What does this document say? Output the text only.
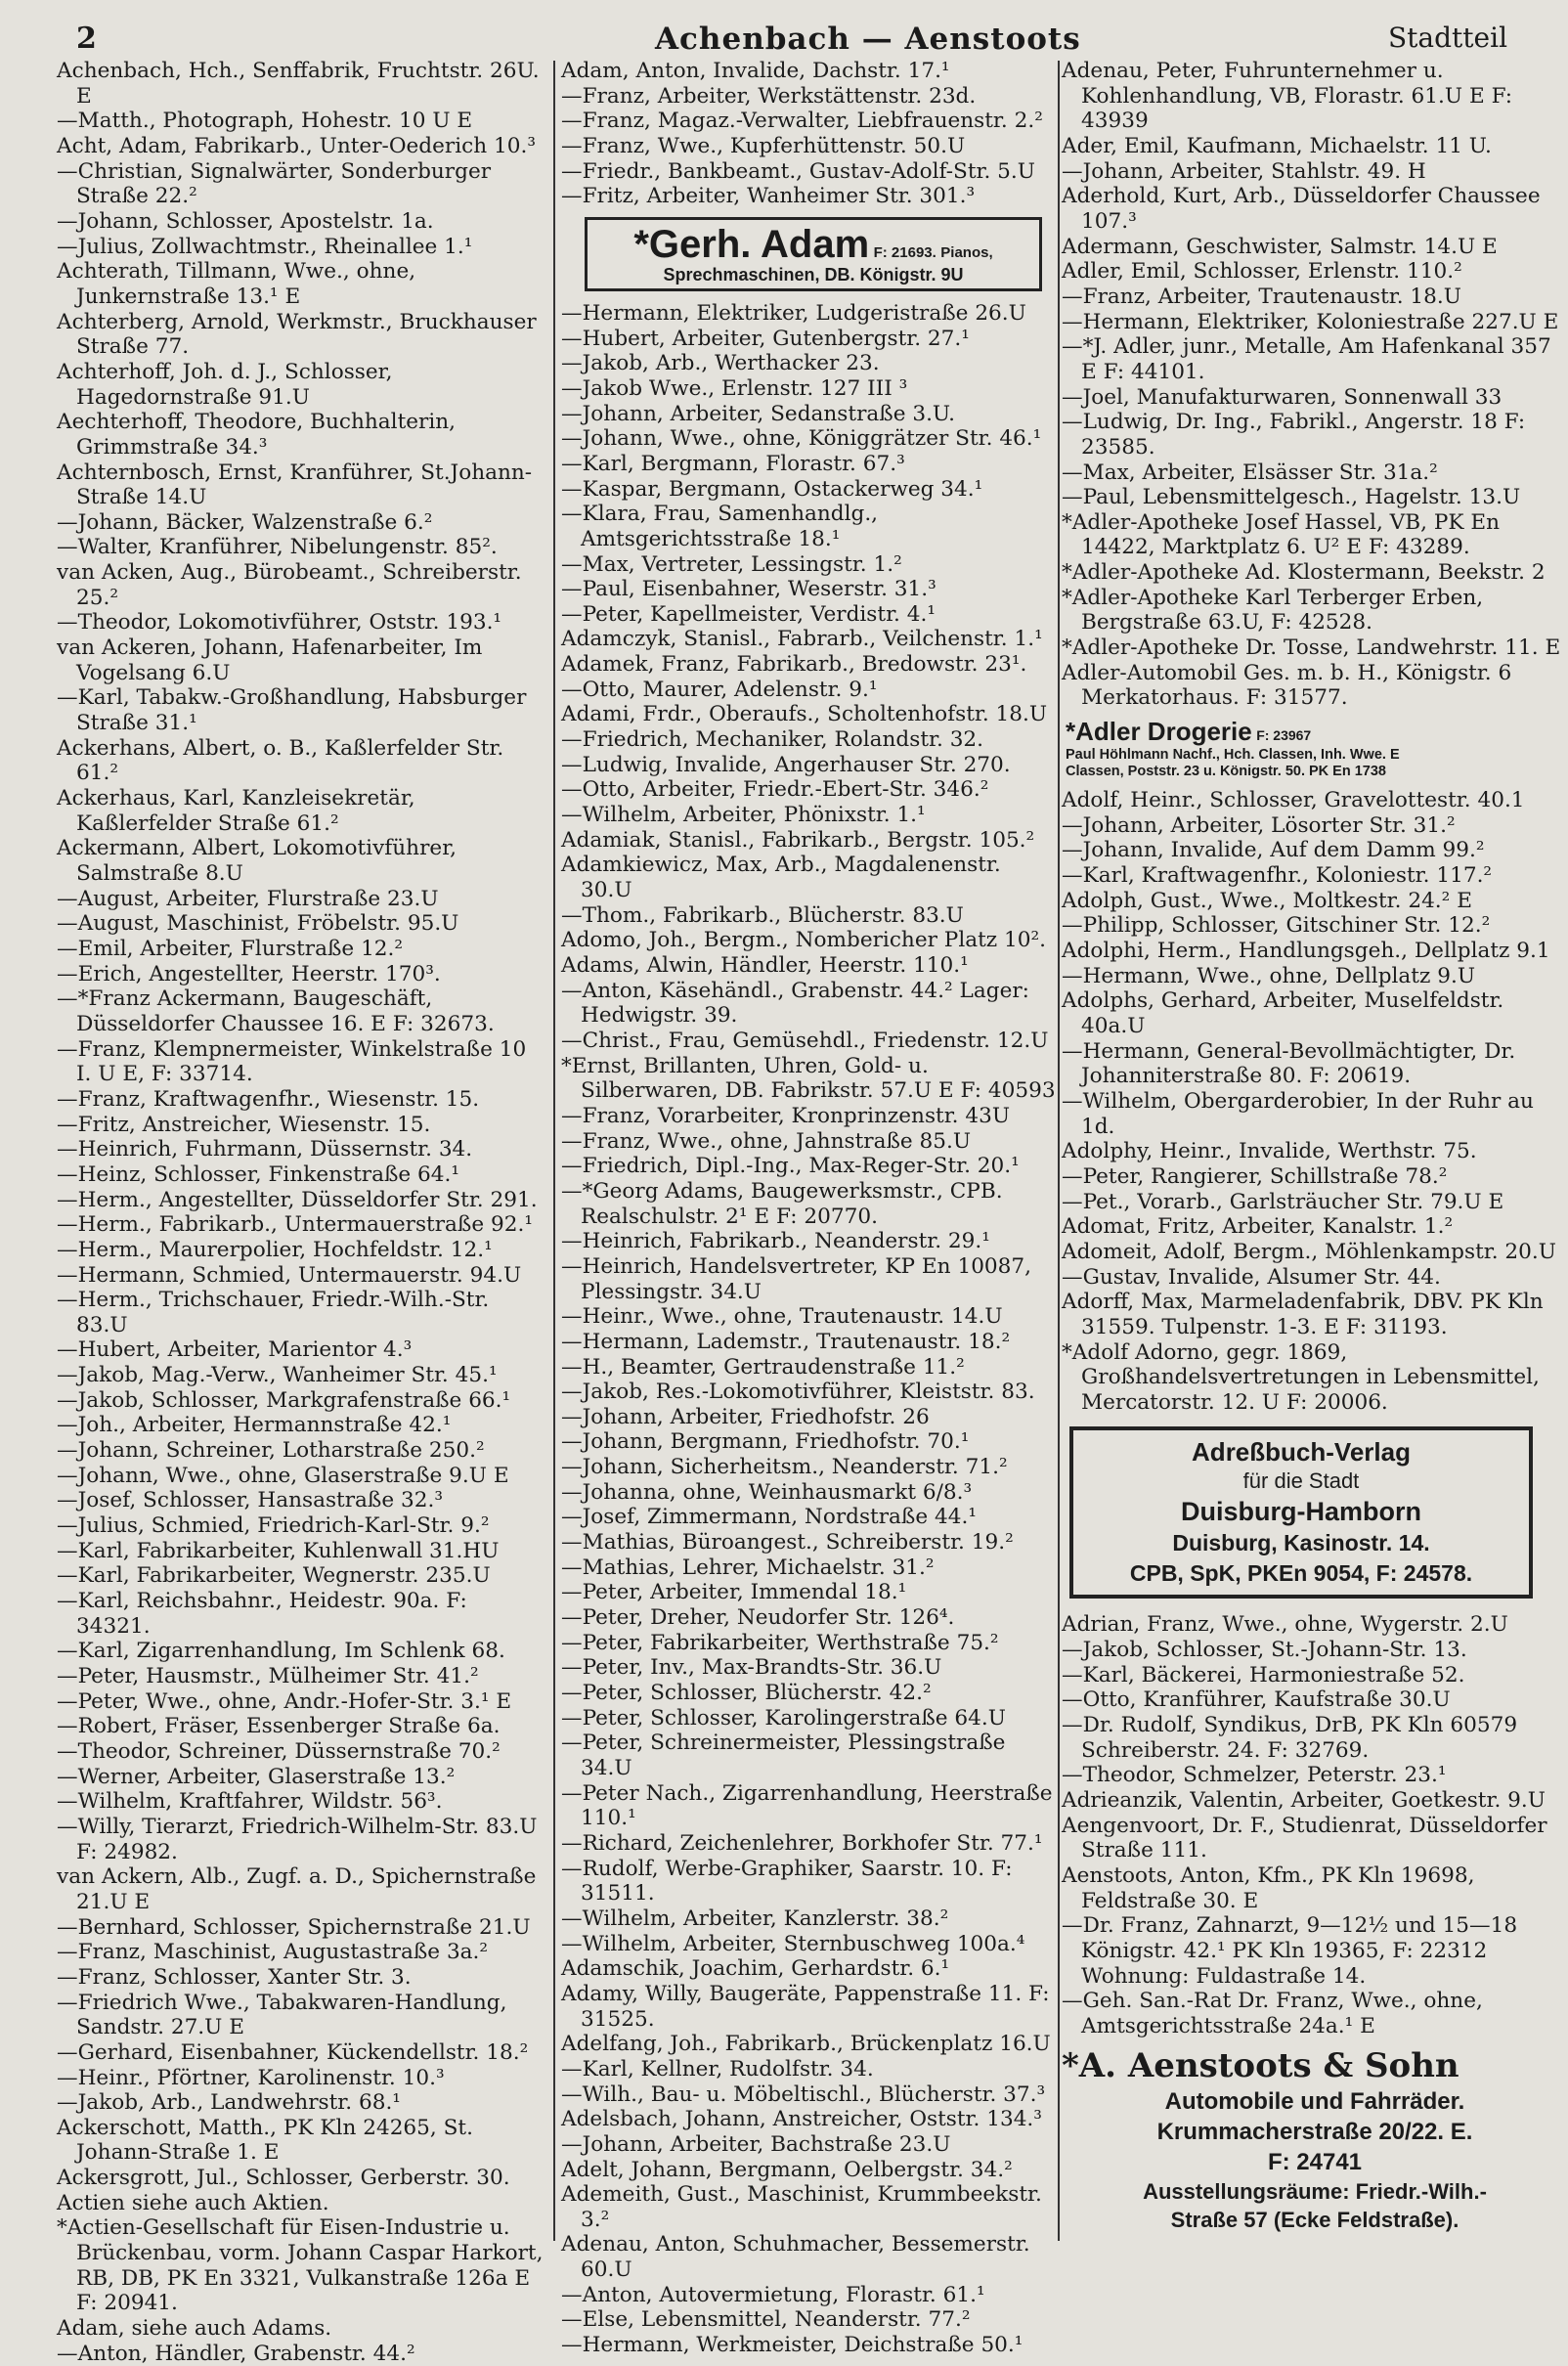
2	Achenbach — Aenstoots	Stadtteil
Achenbach, Hch., Senffabrik, Fruchtstr. 26U. E
—Matth., Photograph, Hohestr. 10 U E
Acht, Adam, Fabrikarb., Unter-Oederich 10.³
—Christian, Signalwärter, Sonderburger Straße 22.²
—Johann, Schlosser, Apostelstr. 1a.
—Julius, Zollwachtmstr., Rheinallee 1.¹
Achterath, Tillmann, Wwe., ohne, Junkernstraße 13.¹ E
Achterberg, Arnold, Werkmstr., Bruckhauser Straße 77.
Achterhoff, Joh. d. J., Schlosser, Hagedornstraße 91.U
Aechterhoff, Theodore, Buchhalterin, Grimmstraße 34.³
Achternbosch, Ernst, Kranführer, St.Johann-Straße 14.U
—Johann, Bäcker, Walzenstraße 6.²
—Walter, Kranführer, Nibelungenstr. 85².
van Acken, Aug., Bürobeamt., Schreiberstr. 25.²
—Theodor, Lokomotivführer, Oststr. 193.¹
van Ackeren, Johann, Hafenarbeiter, Im Vogelsang 6.U
—Karl, Tabakw.-Großhandlung, Habsburger Straße 31.¹
Ackerhans, Albert, o. B., Kaßlerfelder Str. 61.²
Ackerhaus, Karl, Kanzleisekretär, Kaßlerfelder Straße 61.²
Ackermann, Albert, Lokomotivführer, Salmstraße 8.U
—August, Arbeiter, Flurstraße 23.U
—August, Maschinist, Fröbelstr. 95.U
—Emil, Arbeiter, Flurstraße 12.²
—Erich, Angestellter, Heerstr. 170³.
—*Franz Ackermann, Baugeschäft, Düsseldorfer Chaussee 16. E F: 32673.
—Franz, Klempnermeister, Winkelstraße 10 I. U E, F: 33714.
—Franz, Kraftwagenfhr., Wiesenstr. 15.
—Fritz, Anstreicher, Wiesenstr. 15.
—Heinrich, Fuhrmann, Düssernstr. 34.
—Heinz, Schlosser, Finkenstraße 64.¹
—Herm., Angestellter, Düsseldorfer Str. 291.
—Herm., Fabrikarb., Untermauerstraße 92.¹
—Herm., Maurerpolier, Hochfeldstr. 12.¹
—Hermann, Schmied, Untermauerstr. 94.U
—Herm., Trichschauer, Friedr.-Wilh.-Str. 83.U
—Hubert, Arbeiter, Marientor 4.³
—Jakob, Mag.-Verw., Wanheimer Str. 45.¹
—Jakob, Schlosser, Markgrafenstraße 66.¹
—Joh., Arbeiter, Hermannstraße 42.¹
—Johann, Schreiner, Lotharstraße 250.²
—Johann, Wwe., ohne, Glaserstraße 9.U E
—Josef, Schlosser, Hansastraße 32.³
—Julius, Schmied, Friedrich-Karl-Str. 9.²
—Karl, Fabrikarbeiter, Kuhlenwall 31.HU
—Karl, Fabrikarbeiter, Wegnerstr. 235.U
—Karl, Reichsbahnr., Heidestr. 90a. F: 34321.
—Karl, Zigarrenhandlung, Im Schlenk 68.
—Peter, Hausmstr., Mülheimer Str. 41.²
—Peter, Wwe., ohne, Andr.-Hofer-Str. 3.¹ E
—Robert, Fräser, Essenberger Straße 6a.
—Theodor, Schreiner, Düssernstraße 70.²
—Werner, Arbeiter, Glaserstraße 13.²
—Wilhelm, Kraftfahrer, Wildstr. 56³.
—Willy, Tierarzt, Friedrich-Wilhelm-Str. 83.U F: 24982.
van Ackern, Alb., Zugf. a. D., Spichernstraße 21.U E
—Bernhard, Schlosser, Spichernstraße 21.U
—Franz, Maschinist, Augustastraße 3a.²
—Franz, Schlosser, Xanter Str. 3.
—Friedrich Wwe., Tabakwaren-Handlung, Sandstr. 27.U E
—Gerhard, Eisenbahner, Kückendellstr. 18.²
—Heinr., Pförtner, Karolinenstr. 10.³
—Jakob, Arb., Landwehrstr. 68.¹
Ackerschott, Matth., PK Kln 24265, St. Johann-Straße 1. E
Ackersgrott, Jul., Schlosser, Gerberstr. 30.
Actien siehe auch Aktien.
*Actien-Gesellschaft für Eisen-Industrie u. Brückenbau, vorm. Johann Caspar Harkort, RB, DB, PK En 3321, Vulkanstraße 126a E F: 20941.
Adam, siehe auch Adams.
—Anton, Händler, Grabenstr. 44.²
Adam, Anton, Invalide, Dachstr. 17.¹
—Franz, Arbeiter, Werkstättenstr. 23d.
—Franz, Magaz.-Verwalter, Liebfrauenstr. 2.²
—Franz, Wwe., Kupferhüttenstr. 50.U
—Friedr., Bankbeamt., Gustav-Adolf-Str. 5.U
—Fritz, Arbeiter, Wanheimer Str. 301.³
*Gerh. Adam F: 21693. Pianos,
Sprechmaschinen, DB. Königstr. 9U
—Hermann, Elektriker, Ludgeristraße 26.U
—Hubert, Arbeiter, Gutenbergstr. 27.¹
—Jakob, Arb., Werthacker 23.
—Jakob Wwe., Erlenstr. 127 III ³
—Johann, Arbeiter, Sedanstraße 3.U.
—Johann, Wwe., ohne, Königgrätzer Str. 46.¹
—Karl, Bergmann, Florastr. 67.³
—Kaspar, Bergmann, Ostackerweg 34.¹
—Klara, Frau, Samenhandlg., Amtsgerichtsstraße 18.¹
—Max, Vertreter, Lessingstr. 1.²
—Paul, Eisenbahner, Weserstr. 31.³
—Peter, Kapellmeister, Verdistr. 4.¹
Adamczyk, Stanisl., Fabrarb., Veilchenstr. 1.¹
Adamek, Franz, Fabrikarb., Bredowstr. 23¹.
—Otto, Maurer, Adelenstr. 9.¹
Adami, Frdr., Oberaufs., Scholtenhofstr. 18.U
—Friedrich, Mechaniker, Rolandstr. 32.
—Ludwig, Invalide, Angerhauser Str. 270.
—Otto, Arbeiter, Friedr.-Ebert-Str. 346.²
—Wilhelm, Arbeiter, Phönixstr. 1.¹
Adamiak, Stanisl., Fabrikarb., Bergstr. 105.²
Adamkiewicz, Max, Arb., Magdalenenstr. 30.U
—Thom., Fabrikarb., Blücherstr. 83.U
Adomo, Joh., Bergm., Nombericher Platz 10².
Adams, Alwin, Händler, Heerstr. 110.¹
—Anton, Käsehändl., Grabenstr. 44.² Lager: Hedwigstr. 39.
—Christ., Frau, Gemüsehdl., Friedenstr. 12.U
*Ernst, Brillanten, Uhren, Gold- u. Silberwaren, DB. Fabrikstr. 57.U E F: 40593
—Franz, Vorarbeiter, Kronprinzenstr. 43U
—Franz, Wwe., ohne, Jahnstraße 85.U
—Friedrich, Dipl.-Ing., Max-Reger-Str. 20.¹
—*Georg Adams, Baugewerksmstr., CPB. Realschulstr. 2¹ E F: 20770.
—Heinrich, Fabrikarb., Neanderstr. 29.¹
—Heinrich, Handelsvertreter, KP En 10087, Plessingstr. 34.U
—Heinr., Wwe., ohne, Trautenaustr. 14.U
—Hermann, Lademstr., Trautenaustr. 18.²
—H., Beamter, Gertraudenstraße 11.²
—Jakob, Res.-Lokomotivführer, Kleiststr. 83.
—Johann, Arbeiter, Friedhofstr. 26
—Johann, Bergmann, Friedhofstr. 70.¹
—Johann, Sicherheitsm., Neanderstr. 71.²
—Johanna, ohne, Weinhausmarkt 6/8.³
—Josef, Zimmermann, Nordstraße 44.¹
—Mathias, Büroangest., Schreiberstr. 19.²
—Mathias, Lehrer, Michaelstr. 31.²
—Peter, Arbeiter, Immendal 18.¹
—Peter, Dreher, Neudorfer Str. 126⁴.
—Peter, Fabrikarbeiter, Werthstraße 75.²
—Peter, Inv., Max-Brandts-Str. 36.U
—Peter, Schlosser, Blücherstr. 42.²
—Peter, Schlosser, Karolingerstraße 64.U
—Peter, Schreinermeister, Plessingstraße 34.U
—Peter Nach., Zigarrenhandlung, Heerstraße 110.¹
—Richard, Zeichenlehrer, Borkhofer Str. 77.¹
—Rudolf, Werbe-Graphiker, Saarstr. 10. F: 31511.
—Wilhelm, Arbeiter, Kanzlerstr. 38.²
—Wilhelm, Arbeiter, Sternbuschweg 100a.⁴
Adamschik, Joachim, Gerhardstr. 6.¹
Adamy, Willy, Baugeräte, Pappenstraße 11. F: 31525.
Adelfang, Joh., Fabrikarb., Brückenplatz 16.U
—Karl, Kellner, Rudolfstr. 34.
—Wilh., Bau- u. Möbeltischl., Blücherstr. 37.³
Adelsbach, Johann, Anstreicher, Oststr. 134.³
—Johann, Arbeiter, Bachstraße 23.U
Adelt, Johann, Bergmann, Oelbergstr. 34.²
Ademeith, Gust., Maschinist, Krummbeekstr. 3.²
Adenau, Anton, Schuhmacher, Bessemerstr. 60.U
—Anton, Autovermietung, Florastr. 61.¹
—Else, Lebensmittel, Neanderstr. 77.²
—Hermann, Werkmeister, Deichstraße 50.¹
Adenau, Peter, Fuhrunternehmer u. Kohlenhandlung, VB, Florastr. 61.U E F: 43939
Ader, Emil, Kaufmann, Michaelstr. 11 U.
—Johann, Arbeiter, Stahlstr. 49. H
Aderhold, Kurt, Arb., Düsseldorfer Chaussee 107.³
Adermann, Geschwister, Salmstr. 14.U E
Adler, Emil, Schlosser, Erlenstr. 110.²
—Franz, Arbeiter, Trautenaustr. 18.U
—Hermann, Elektriker, Koloniestraße 227.U E
—*J. Adler, junr., Metalle, Am Hafenkanal 357 E F: 44101.
—Joel, Manufakturwaren, Sonnenwall 33
—Ludwig, Dr. Ing., Fabrikl., Angerstr. 18 F: 23585.
—Max, Arbeiter, Elsässer Str. 31a.²
—Paul, Lebensmittelgesch., Hagelstr. 13.U
*Adler-Apotheke Josef Hassel, VB, PK En 14422, Marktplatz 6. U² E F: 43289.
*Adler-Apotheke Ad. Klostermann, Beekstr. 2
*Adler-Apotheke Karl Terberger Erben, Bergstraße 63.U, F: 42528.
*Adler-Apotheke Dr. Tosse, Landwehrstr. 11. E
Adler-Automobil Ges. m. b. H., Königstr. 6 Merkatorhaus. F: 31577.
*Adler Drogerie F: 23967
Paul Höhlmann Nachf., Hch. Classen, Inh. Wwe. E
Classen, Poststr. 23 u. Königstr. 50. PK En 1738
Adolf, Heinr., Schlosser, Gravelottestr. 40.1
—Johann, Arbeiter, Lösorter Str. 31.²
—Johann, Invalide, Auf dem Damm 99.²
—Karl, Kraftwagenfhr., Koloniestr. 117.²
Adolph, Gust., Wwe., Moltkestr. 24.² E
—Philipp, Schlosser, Gitschiner Str. 12.²
Adolphi, Herm., Handlungsgeh., Dellplatz 9.1
—Hermann, Wwe., ohne, Dellplatz 9.U
Adolphs, Gerhard, Arbeiter, Muselfeldstr. 40a.U
—Hermann, General-Bevollmächtigter, Dr. Johanniterstraße 80. F: 20619.
—Wilhelm, Obergarderobier, In der Ruhr au 1d.
Adolphy, Heinr., Invalide, Werthstr. 75.
—Peter, Rangierer, Schillstraße 78.²
—Pet., Vorarb., Garlsträucher Str. 79.U E
Adomat, Fritz, Arbeiter, Kanalstr. 1.²
Adomeit, Adolf, Bergm., Möhlenkampstr. 20.U
—Gustav, Invalide, Alsumer Str. 44.
Adorff, Max, Marmeladenfabrik, DBV. PK Kln 31559. Tulpenstr. 1-3. E F: 31193.
*Adolf Adorno, gegr. 1869, Großhandelsvertretungen in Lebensmittel, Mercatorstr. 12. U F: 20006.
Adreßbuch-Verlag
für die Stadt
Duisburg-Hamborn
Duisburg, Kasinostr. 14.
CPB, SpK, PKEn 9054, F: 24578.
Adrian, Franz, Wwe., ohne, Wygerstr. 2.U
—Jakob, Schlosser, St.-Johann-Str. 13.
—Karl, Bäckerei, Harmoniestraße 52.
—Otto, Kranführer, Kaufstraße 30.U
—Dr. Rudolf, Syndikus, DrB, PK Kln 60579 Schreiberstr. 24. F: 32769.
—Theodor, Schmelzer, Peterstr. 23.¹
Adrieanzik, Valentin, Arbeiter, Goetkestr. 9.U
Aengenvoort, Dr. F., Studienrat, Düsseldorfer Straße 111.
Aenstoots, Anton, Kfm., PK Kln 19698, Feldstraße 30. E
—Dr. Franz, Zahnarzt, 9—12½ und 15—18 Königstr. 42.¹ PK Kln 19365, F: 22312 Wohnung: Fuldastraße 14.
—Geh. San.-Rat Dr. Franz, Wwe., ohne, Amtsgerichtsstraße 24a.¹ E
*A. Aenstoots & Sohn
Automobile und Fahrräder.
Krummacherstraße 20/22. E.
F: 24741
Ausstellungsräume: Friedr.-Wilh.-
Straße 57 (Ecke Feldstraße).
